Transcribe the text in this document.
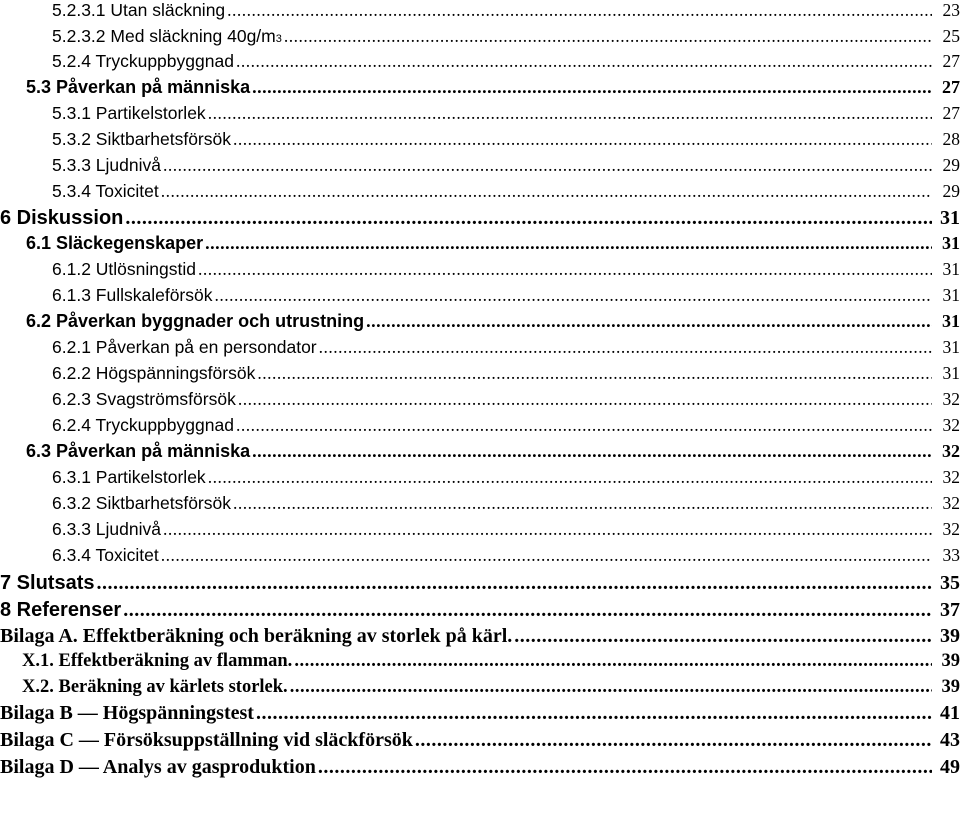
5.2.3.1 Utan släckning .....	23
5.2.3.2 Med släckning 40g/m 3 .....	25
5.2.4 Tryckuppbyggnad .....	27
5.3 Påverkan på människa .....	27
5.3.1 Partikelstorlek .....	27
5.3.2 Siktbarhetsförsök .....	28
5.3.3 Ljudnivå .....	29
5.3.4 Toxicitet .....	29
6 Diskussion .....	31
6.1 Släckegenskaper .....	31
6.1.2 Utlösningstid .....	31
6.1.3 Fullskaleförsök .....	31
6.2 Påverkan byggnader och utrustning .....	31
6.2.1 Påverkan på en persondator .....	31
6.2.2 Högspänningsförsök .....	31
6.2.3 Svagströmsförsök .....	32
6.2.4 Tryckuppbyggnad .....	32
6.3 Påverkan på människa .....	32
6.3.1 Partikelstorlek .....	32
6.3.2 Siktbarhetsförsök .....	32
6.3.3 Ljudnivå .....	32
6.3.4 Toxicitet .....	33
7 Slutsats .....	35
8 Referenser .....	37
Bilaga A. Effektberäkning och beräkning av storlek på kärl. .....	39
X.1. Effektberäkning av flamman. .....	39
X.2. Beräkning av kärlets storlek. .....	39
Bilaga B — Högspänningstest .....	41
Bilaga C — Försöksuppställning vid släckförsök .....	43
Bilaga D — Analys av gasproduktion .....	49
